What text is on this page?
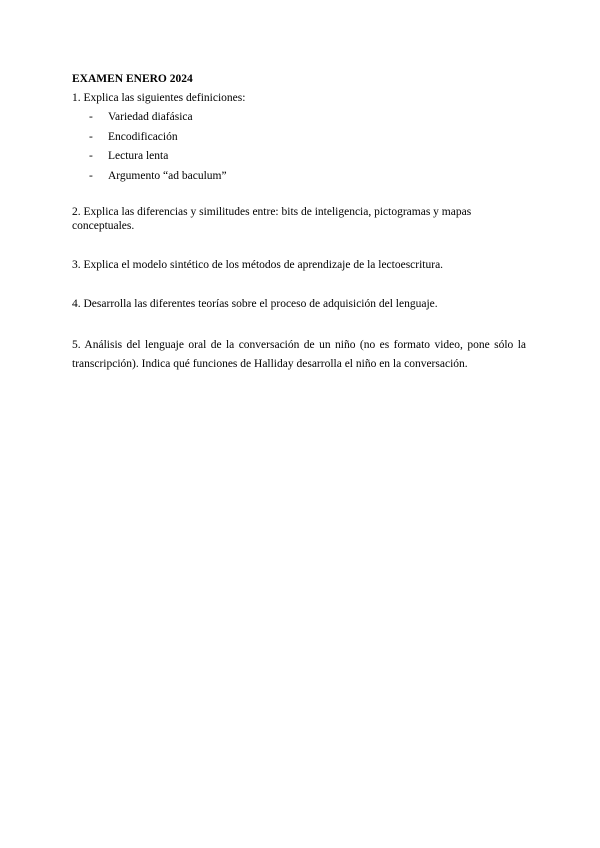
EXAMEN ENERO 2024

1. Explica las siguientes definiciones:

- Variedad diafásica
- Encodificación
- Lectura lenta
- Argumento “ad baculum”

2. Explica las diferencias y similitudes entre: bits de inteligencia, pictogramas y mapas conceptuales.

3. Explica el modelo sintético de los métodos de aprendizaje de la lectoescritura.

4. Desarrolla las diferentes teorías sobre el proceso de adquisición del lenguaje.

5. Análisis del lenguaje oral de la conversación de un niño (no es formato video, pone sólo la transcripción). Indica qué funciones de Halliday desarrolla el niño en la conversación.
